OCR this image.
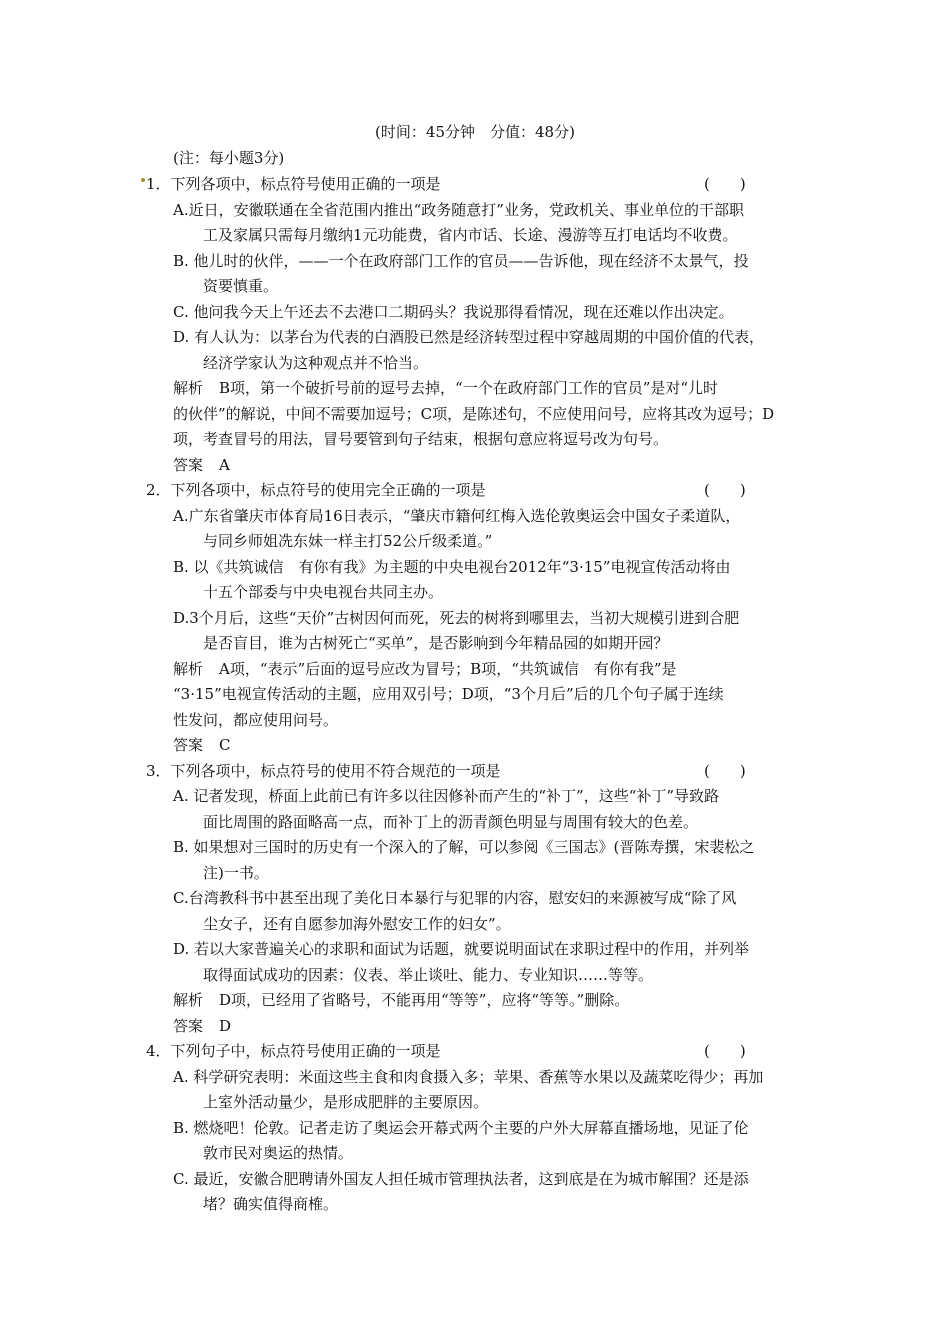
(时间：45分钟　分值：48分)
(注：每小题3分)
1．下列各项中，标点符号使用正确的一项是	(　　)
A.近日，安徽联通在全省范围内推出“政务随意打”业务，党政机关、事业单位的干部职
工及家属只需每月缴纳1元功能费，省内市话、长途、漫游等互打电话均不收费。
B. 他儿时的伙伴，——一个在政府部门工作的官员——告诉他，现在经济不太景气，投
资要慎重。
C. 他问我今天上午还去不去港口二期码头？我说那得看情况，现在还难以作出决定。
D. 有人认为：以茅台为代表的白酒股已然是经济转型过程中穿越周期的中国价值的代表，
经济学家认为这种观点并不恰当。
解析 B项，第一个破折号前的逗号去掉，“一个在政府部门工作的官员”是对“儿时
的伙伴”的解说，中间不需要加逗号；C项，是陈述句，不应使用问号，应将其改为逗号；D
项，考查冒号的用法，冒号要管到句子结束，根据句意应将逗号改为句号。
答案 A
2．下列各项中，标点符号的使用完全正确的一项是	(　　)
A.广东省肇庆市体育局16日表示，“肇庆市籍何红梅入选伦敦奥运会中国女子柔道队，
与同乡师姐冼东妹一样主打52公斤级柔道。”
B. 以《共筑诚信　有你有我》为主题的中央电视台2012年“3·15”电视宣传活动将由
十五个部委与中央电视台共同主办。
D.3个月后，这些“天价”古树因何而死，死去的树将到哪里去，当初大规模引进到合肥
是否盲目，谁为古树死亡“买单”，是否影响到今年精品园的如期开园？
解析 A项，“表示”后面的逗号应改为冒号；B项，“共筑诚信　有你有我”是
“3·15”电视宣传活动的主题，应用双引号；D项，“3个月后”后的几个句子属于连续
性发问，都应使用问号。
答案 C
3．下列各项中，标点符号的使用不符合规范的一项是	(　　)
A. 记者发现，桥面上此前已有许多以往因修补而产生的“补丁”，这些“补丁”导致路
面比周围的路面略高一点，而补丁上的沥青颜色明显与周围有较大的色差。
B. 如果想对三国时的历史有一个深入的了解，可以参阅《三国志》(晋陈寿撰，宋裴松之
注)一书。
C.台湾教科书中甚至出现了美化日本暴行与犯罪的内容，慰安妇的来源被写成“除了风
尘女子，还有自愿参加海外慰安工作的妇女”。
D. 若以大家普遍关心的求职和面试为话题，就要说明面试在求职过程中的作用，并列举
取得面试成功的因素：仪表、举止谈吐、能力、专业知识……等等。
解析 D项，已经用了省略号，不能再用“等等”，应将“等等。”删除。
答案 D
4．下列句子中，标点符号使用正确的一项是	(　　)
A. 科学研究表明：米面这些主食和肉食摄入多；苹果、香蕉等水果以及蔬菜吃得少；再加
上室外活动量少，是形成肥胖的主要原因。
B. 燃烧吧！伦敦。记者走访了奥运会开幕式两个主要的户外大屏幕直播场地，见证了伦
敦市民对奥运的热情。
C. 最近，安徽合肥聘请外国友人担任城市管理执法者，这到底是在为城市解围？还是添
堵？确实值得商榷。
